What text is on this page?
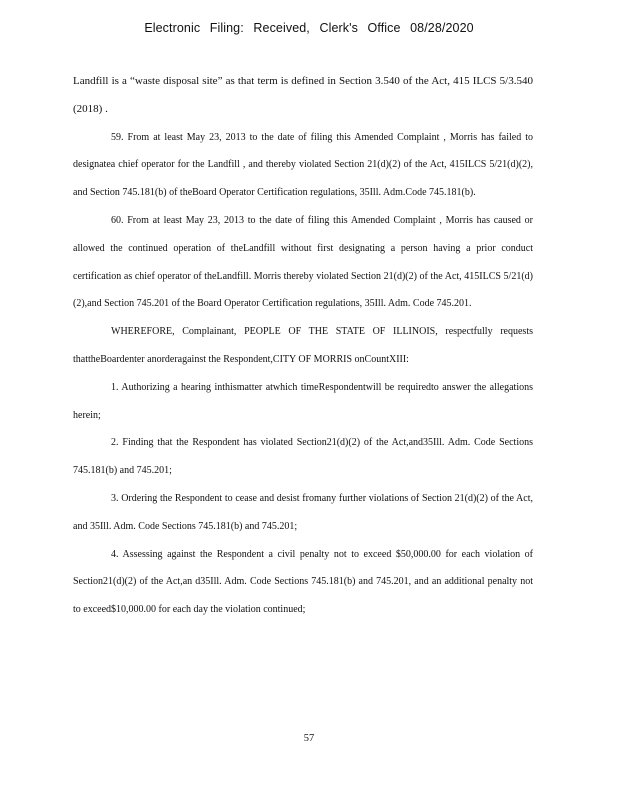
Electronic Filing: Received, Clerk's Office 08/28/2020

Landfill is a “waste disposal site” as that term is defined in Section 3.540 of the Act, 415 ILCS 5/3.540 (2018) .

59. From at least May 23, 2013 to the date of filing this Amended Complaint , Morris has failed to designatea chief operator for the Landfill , and thereby violated Section 21(d)(2) of the Act, 415ILCS 5/21(d)(2), and Section 745.181(b) of theBoard Operator Certification regulations, 35Ill. Adm.Code 745.181(b).

60. From at least May 23, 2013 to the date of filing this Amended Complaint , Morris has caused or allowed the continued operation of theLandfill without first designating a person having a prior conduct certification as chief operator of theLandfill. Morris thereby violated Section 21(d)(2) of the Act, 415ILCS 5/21(d)(2),and Section 745.201 of the Board Operator Certification regulations, 35Ill. Adm. Code 745.201.

WHEREFORE, Complainant, PEOPLE OF THE STATE OF ILLINOIS, respectfully requests thattheBoardenter anorderagainst the Respondent,CITY OF MORRIS onCountXIII:

1. Authorizing a hearing inthismatter atwhich timeRespondentwill be requiredto answer the allegations herein;

2. Finding that the Respondent has violated Section21(d)(2) of the Act,and35Ill. Adm. Code Sections 745.181(b) and 745.201;

3. Ordering the Respondent to cease and desist fromany further violations of Section 21(d)(2) of the Act, and 35Ill. Adm. Code Sections 745.181(b) and 745.201;

4. Assessing against the Respondent a civil penalty not to exceed $50,000.00 for each violation of Section21(d)(2) of the Act,an d35Ill. Adm. Code Sections 745.181(b) and 745.201, and an additional penalty not to exceed$10,000.00 for each day the violation continued;

57
